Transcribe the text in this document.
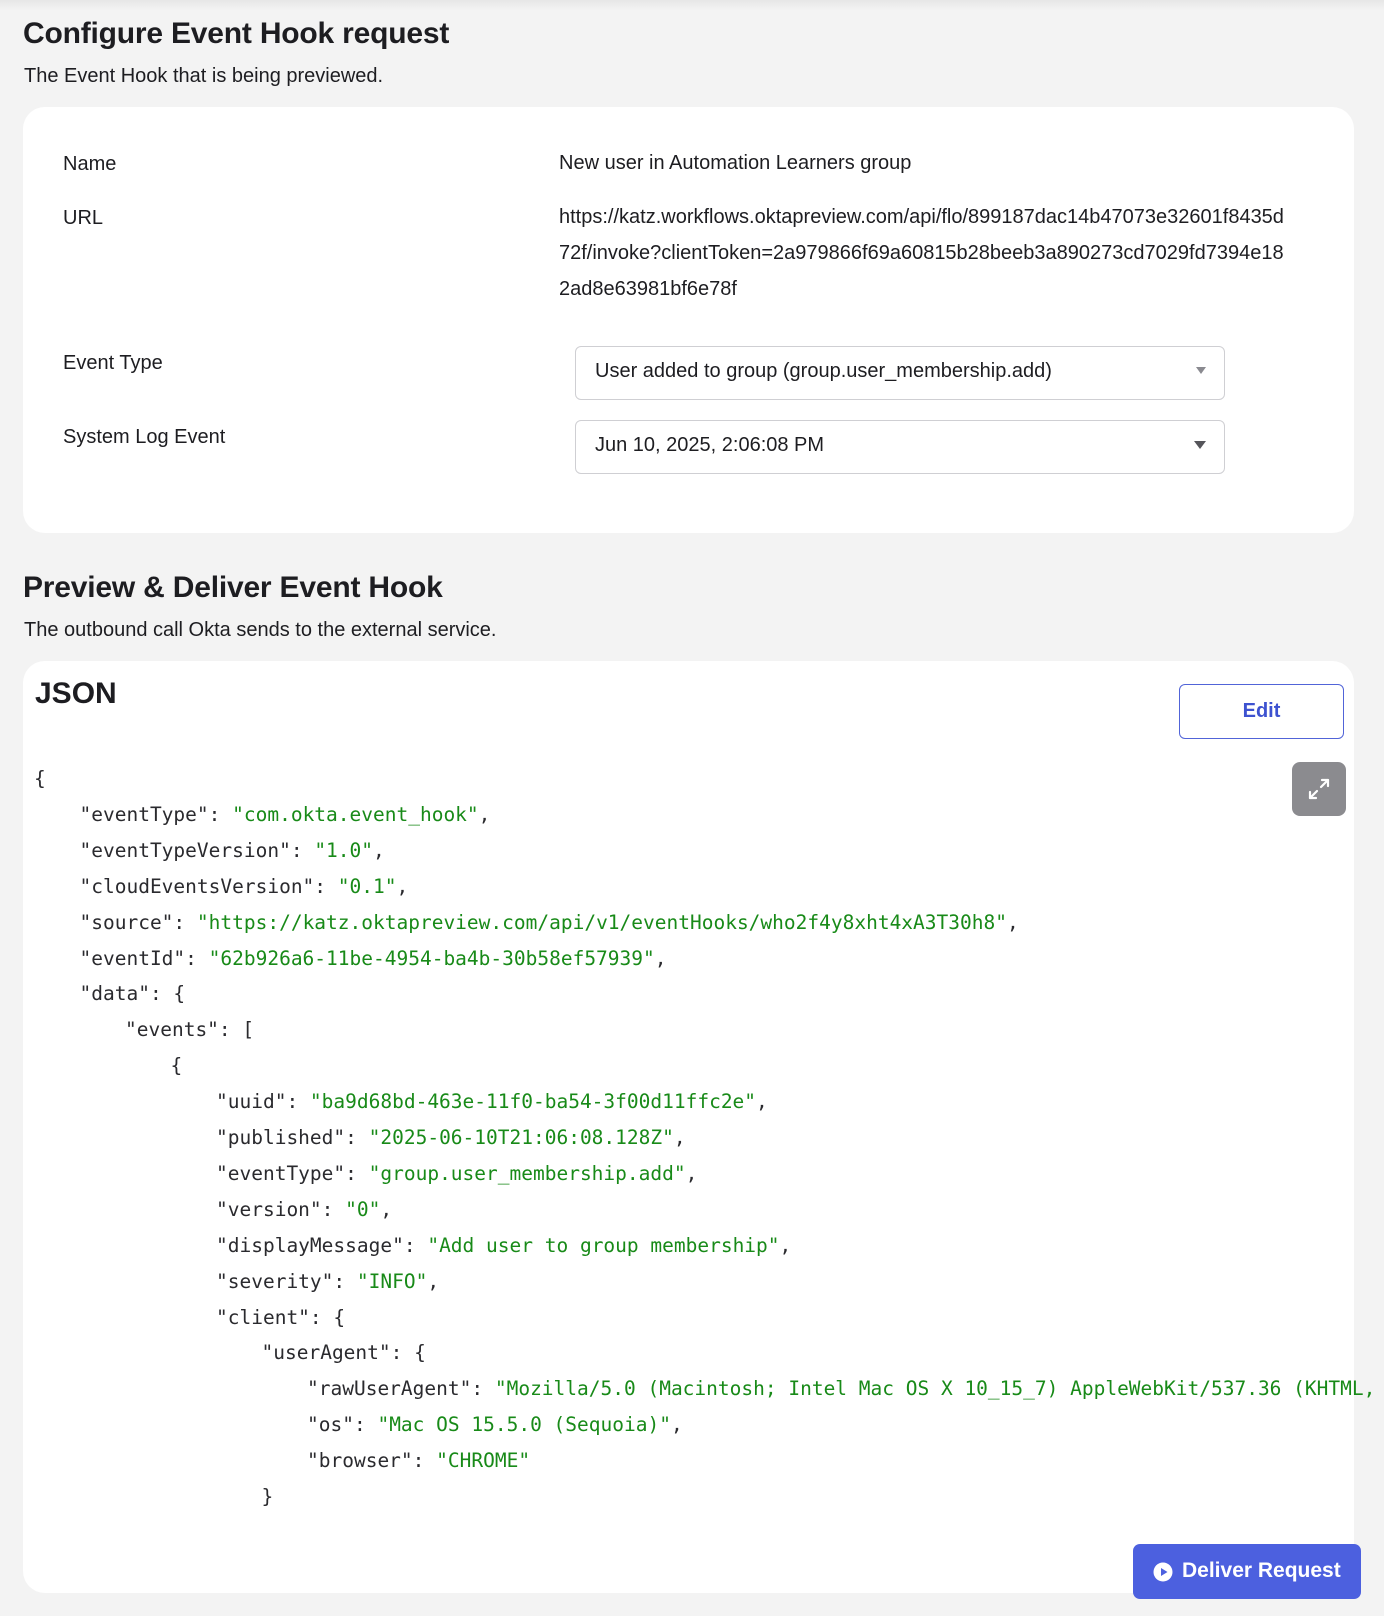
Configure Event Hook request

The Event Hook that is being previewed.

Name	New user in Automation Learners group
URL	https://katz.workflows.oktapreview.com/api/flo/899187dac14b47073e32601f8435d72f/invoke?clientToken=2a979866f69a60815b28beeb3a890273cd7029fd7394e182ad8e63981bf6e78f
Event Type	User added to group (group.user_membership.add)
System Log Event	Jun 10, 2025, 2:06:08 PM
Preview & Deliver Event Hook

The outbound call Okta sends to the external service.

JSON
Edit
{
"eventType": "com.okta.event_hook",
"eventTypeVersion": "1.0",
"cloudEventsVersion": "0.1",
"source": "https://katz.oktapreview.com/api/v1/eventHooks/who2f4y8xht4xA3T30h8",
"eventId": "62b926a6-11be-4954-ba4b-30b58ef57939",
"data": {
"events": [
{
"uuid": "ba9d68bd-463e-11f0-ba54-3f00d11ffc2e",
"published": "2025-06-10T21:06:08.128Z",
"eventType": "group.user_membership.add",
"version": "0",
"displayMessage": "Add user to group membership",
"severity": "INFO",
"client": {
"userAgent": {
"rawUserAgent": "Mozilla/5.0 (Macintosh; Intel Mac OS X 10_15_7) AppleWebKit/537.36 (KHTML,
"os": "Mac OS 15.5.0 (Sequoia)",
"browser": "CHROME"
}
Deliver Request
